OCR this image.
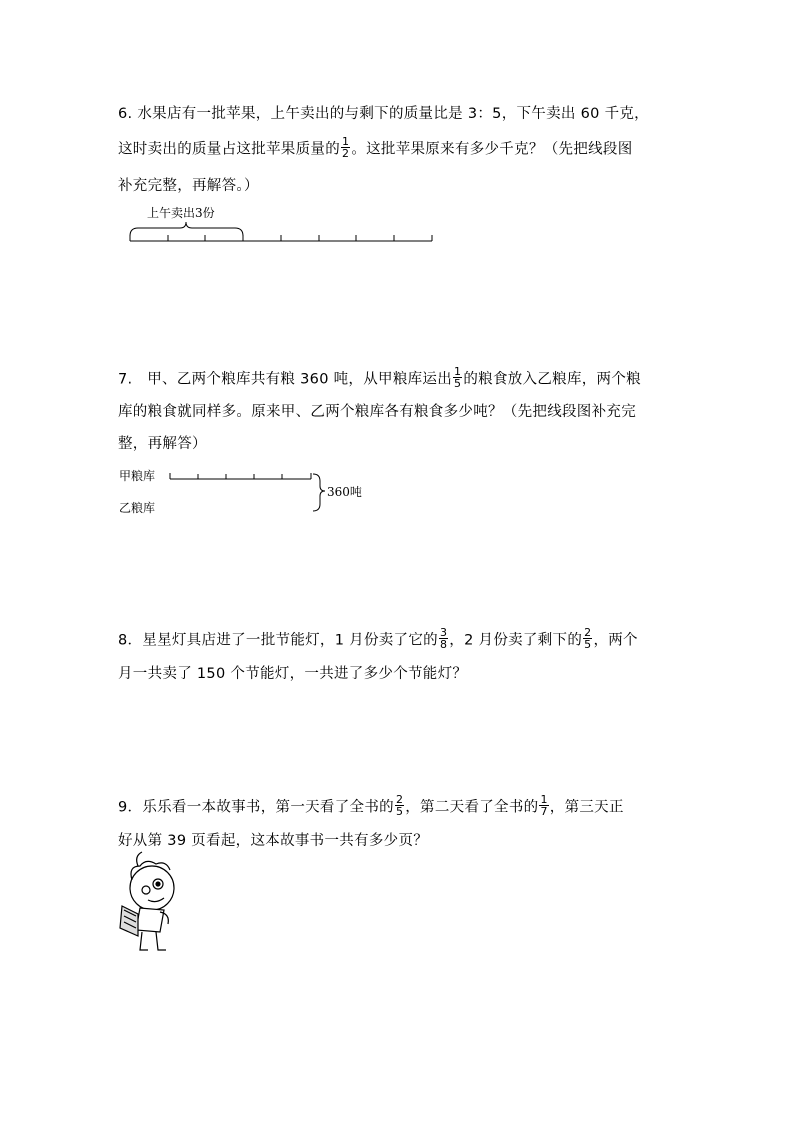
6. 水果店有一批苹果，上午卖出的与剩下的质量比是 3：5，下午卖出 60 千克，
这时卖出的质量占这批苹果质量的 $\frac{1}{2}$ 。这批苹果原来有多少千克？（先把线段图
补充完整，再解答。）
上午卖出3份
7.　甲、乙两个粮库共有粮 360 吨，从甲粮库运出 $\frac{1}{5}$ 的粮食放入乙粮库，两个粮
库的粮食就同样多。原来甲、乙两个粮库各有粮食多少吨？（先把线段图补充完
整，再解答）
甲粮库
乙粮库
360吨
8．星星灯具店进了一批节能灯，1 月份卖了它的 $\frac{3}{8}$ ，2 月份卖了剩下的 $\frac{2}{5}$ ，两个
月一共卖了 150 个节能灯，一共进了多少个节能灯？
9．乐乐看一本故事书，第一天看了全书的 $\frac{2}{5}$ ，第二天看了全书的 $\frac{1}{7}$ ，第三天正
好从第 39 页看起，这本故事书一共有多少页？
